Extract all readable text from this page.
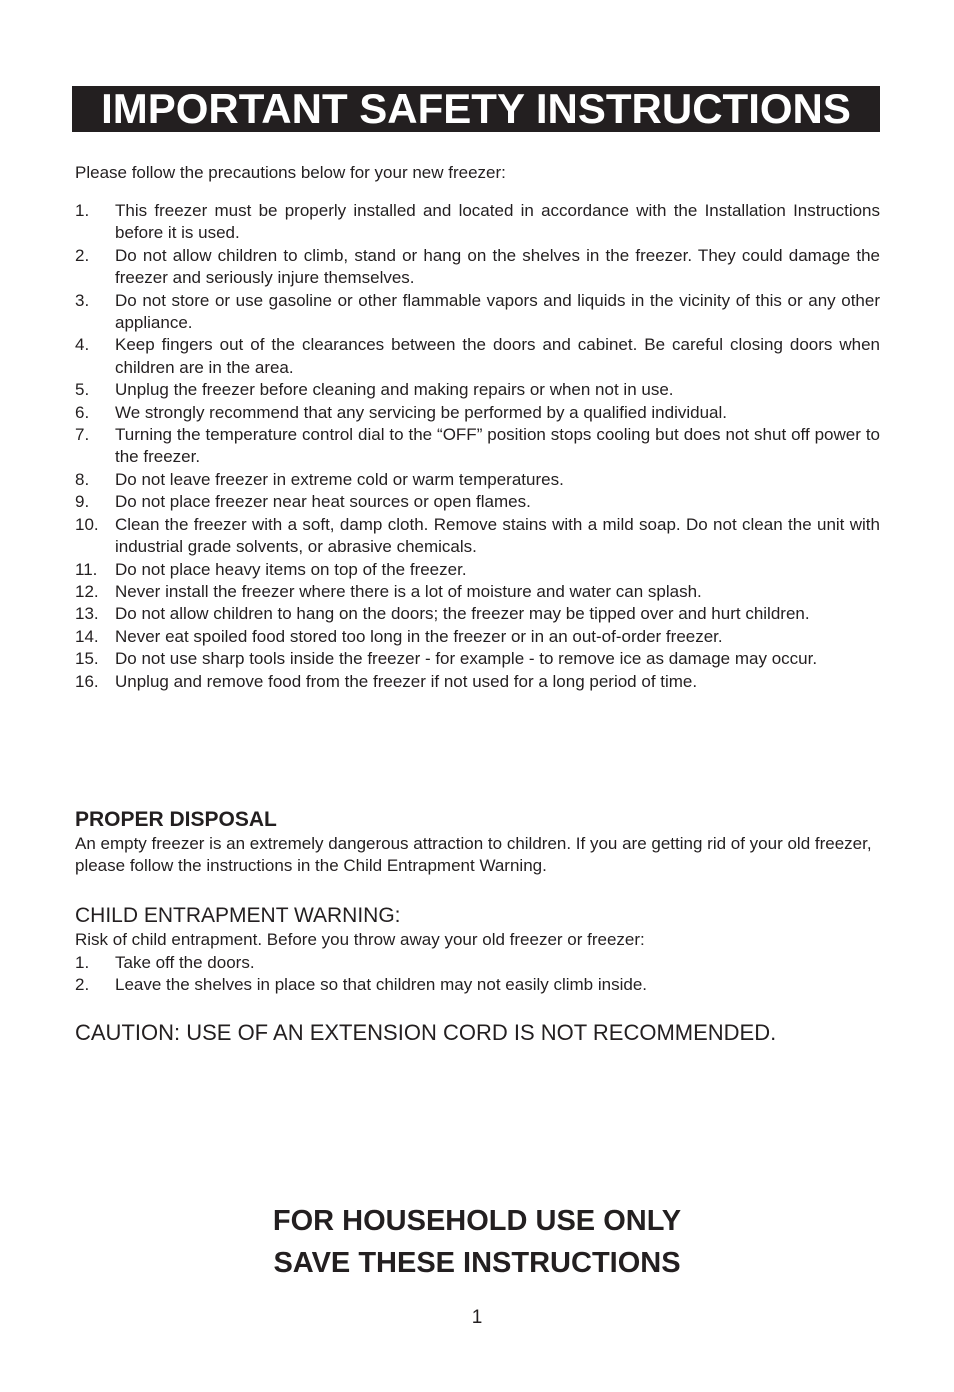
IMPORTANT SAFETY INSTRUCTIONS
Please follow the precautions below for your new freezer:
1. This freezer must be properly installed and located in accordance with the Installation Instructions before it is used.
2. Do not allow children to climb, stand or hang on the shelves in the freezer. They could damage the freezer and seriously injure themselves.
3. Do not store or use gasoline or other flammable vapors and liquids in the vicinity of this or any other appliance.
4. Keep fingers out of the clearances between the doors and cabinet. Be careful closing doors when children are in the area.
5. Unplug the freezer before cleaning and making repairs or when not in use.
6. We strongly recommend that any servicing be performed by a qualified individual.
7. Turning the temperature control dial to the “OFF” position stops cooling but does not shut off power to the freezer.
8. Do not leave freezer in extreme cold or warm temperatures.
9. Do not place freezer near heat sources or open flames.
10. Clean the freezer with a soft, damp cloth. Remove stains with a mild soap. Do not clean the unit with industrial grade solvents, or abrasive chemicals.
11. Do not place heavy items on top of the freezer.
12. Never install the freezer where there is a lot of moisture and water can splash.
13. Do not allow children to hang on the doors; the freezer may be tipped over and hurt children.
14. Never eat spoiled food stored too long in the freezer or in an out-of-order freezer.
15. Do not use sharp tools inside the freezer - for example - to remove ice as damage may occur.
16. Unplug and remove food from the freezer if not used for a long period of time.
PROPER DISPOSAL
An empty freezer is an extremely dangerous attraction to children. If you are getting rid of your old freezer, please follow the instructions in the Child Entrapment Warning.
CHILD ENTRAPMENT WARNING:
Risk of child entrapment. Before you throw away your old freezer or freezer:
1. Take off the doors.
2. Leave the shelves in place so that children may not easily climb inside.
CAUTION: USE OF AN EXTENSION CORD IS NOT RECOMMENDED.
FOR HOUSEHOLD USE ONLY
SAVE THESE INSTRUCTIONS
1
